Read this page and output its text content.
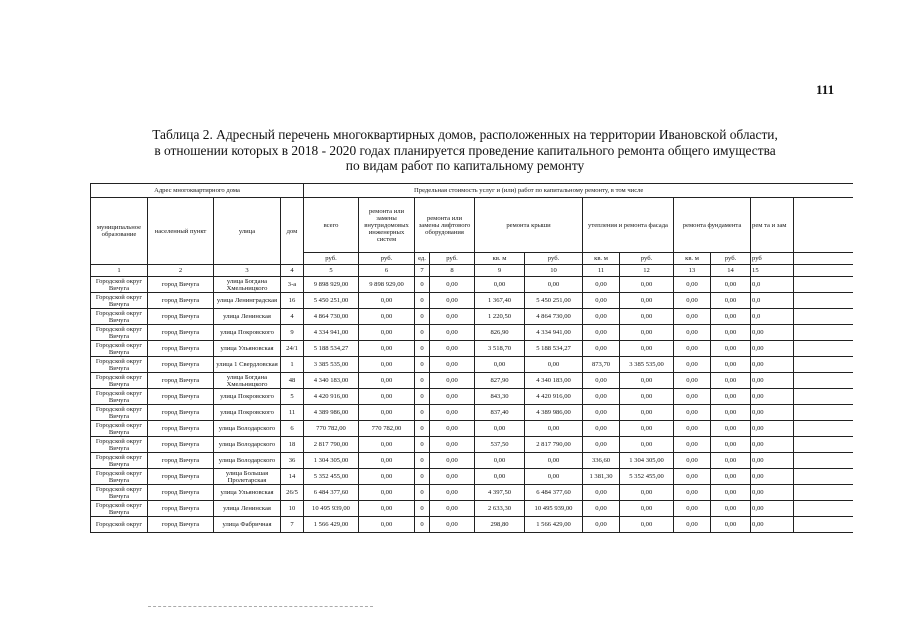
111
Таблица 2. Адресный перечень многоквартирных домов, расположенных на территории Ивановской области,
в отношении которых в 2018 - 2020 годах планируется проведение капитального ремонта общего имущества
по видам работ по капитальному ремонту
Адрес многоквартирного дома				Предельная стоимость услуг и (или) работ по капитальному ремонту, в том числе											
муниципальное образование	населенный пункт	улица	дом	всего	ремонта или замены внутридомовых инженерных систем	ремонта или замены лифтового оборудования		ремонта крыши		утепления и ремонта фасада		ремонта фундамента		рем та и зам	
				руб.	руб.	ед.	руб.	кв. м	руб.	кв. м	руб.	кв. м	руб.	руб	
1	2	3	4	5	6	7	8	9	10	11	12	13	14	15	
Городской округ Вичуга	город Вичуга	улица Богдана Хмельницкого	3-а	9 898 929,00	9 898 929,00	0	0,00	0,00	0,00	0,00	0,00	0,00	0,00	0,0	
Городской округ Вичуга	город Вичуга	улица Ленинградская	16	5 450 251,00	0,00	0	0,00	1 367,40	5 450 251,00	0,00	0,00	0,00	0,00	0,0	
Городской округ Вичуга	город Вичуга	улица Ленинская	4	4 864 730,00	0,00	0	0,00	1 220,50	4 864 730,00	0,00	0,00	0,00	0,00	0,0	
Городской округ Вичуга	город Вичуга	улица Покровского	9	4 334 941,00	0,00	0	0,00	826,90	4 334 941,00	0,00	0,00	0,00	0,00	0,00	
Городской округ Вичуга	город Вичуга	улица Ульяновская	24/1	5 188 534,27	0,00	0	0,00	3 518,70	5 188 534,27	0,00	0,00	0,00	0,00	0,00	
Городской округ Вичуга	город Вичуга	улица 1 Свердловская	1	3 385 535,00	0,00	0	0,00	0,00	0,00	873,70	3 385 535,00	0,00	0,00	0,00	
Городской округ Вичуга	город Вичуга	улица Богдана Хмельницкого	48	4 340 183,00	0,00	0	0,00	827,90	4 340 183,00	0,00	0,00	0,00	0,00	0,00	
Городской округ Вичуга	город Вичуга	улица Покровского	5	4 420 916,00	0,00	0	0,00	843,30	4 420 916,00	0,00	0,00	0,00	0,00	0,00	
Городской округ Вичуга	город Вичуга	улица Покровского	11	4 389 986,00	0,00	0	0,00	837,40	4 389 986,00	0,00	0,00	0,00	0,00	0,00	
Городской округ Вичуга	город Вичуга	улица Володарского	6	770 782,00	770 782,00	0	0,00	0,00	0,00	0,00	0,00	0,00	0,00	0,00	
Городской округ Вичуга	город Вичуга	улица Володарского	18	2 817 790,00	0,00	0	0,00	537,50	2 817 790,00	0,00	0,00	0,00	0,00	0,00	
Городской округ Вичуга	город Вичуга	улица Володарского	36	1 304 305,00	0,00	0	0,00	0,00	0,00	336,60	1 304 305,00	0,00	0,00	0,00	
Городской округ Вичуга	город Вичуга	улица Большая Пролетарская	14	5 352 455,00	0,00	0	0,00	0,00	0,00	1 381,30	5 352 455,00	0,00	0,00	0,00	
Городской округ Вичуга	город Вичуга	улица Ульяновская	26/5	6 484 377,60	0,00	0	0,00	4 397,50	6 484 377,60	0,00	0,00	0,00	0,00	0,00	
Городской округ Вичуга	город Вичуга	улица Ленинская	10	10 495 939,00	0,00	0	0,00	2 633,30	10 495 939,00	0,00	0,00	0,00	0,00	0,00	
Городской округ	город Вичуга	улица Фабричная	7	1 566 429,00	0,00	0	0,00	298,80	1 566 429,00	0,00	0,00	0,00	0,00	0,00	
